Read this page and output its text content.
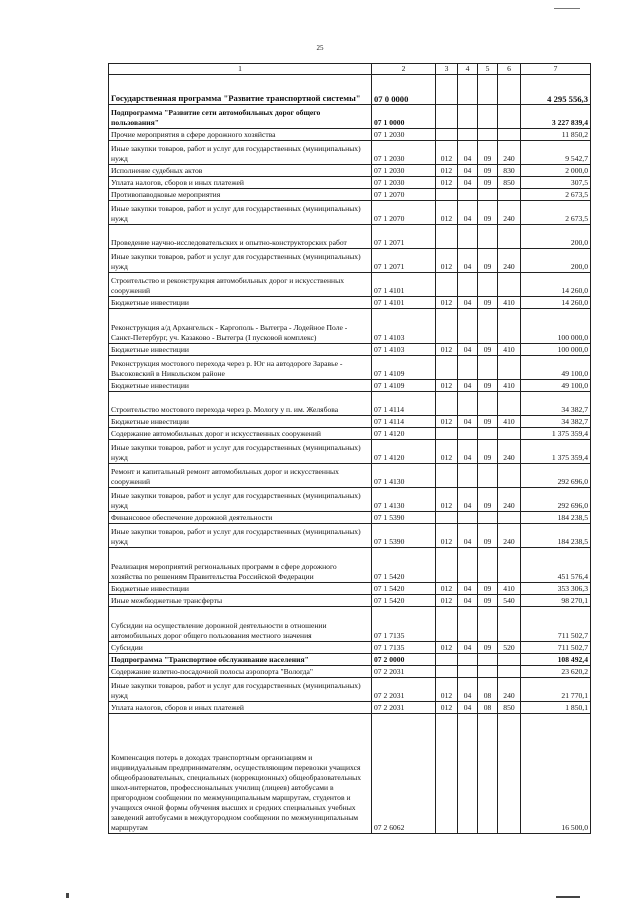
25
1	2	3	4	5	6	7
Государственная программа "Развитие транспортной системы"	07 0 0000					4 295 556,3
Подпрограмма "Развитие сети автомобильных дорог общего пользования"	07 1 0000					3 227 839,4
Прочие мероприятия в сфере дорожного хозяйства	07 1 2030					11 850,2
Иные закупки товаров, работ и услуг для государственных (муниципальных) нужд	07 1 2030	012	04	09	240	9 542,7
Исполнение судебных актов	07 1 2030	012	04	09	830	2 000,0
Уплата налогов, сборов и иных платежей	07 1 2030	012	04	09	850	307,5
Противопаводковые мероприятия	07 1 2070					2 673,5
Иные закупки товаров, работ и услуг для государственных (муниципальных) нужд	07 1 2070	012	04	09	240	2 673,5
Проведение научно-исследовательских и опытно-конструкторских работ	07 1 2071					200,0
Иные закупки товаров, работ и услуг для государственных (муниципальных) нужд	07 1 2071	012	04	09	240	200,0
Строительство и реконструкция автомобильных дорог и искусственных сооружений	07 1 4101					14 260,0
Бюджетные инвестиции	07 1 4101	012	04	09	410	14 260,0
Реконструкция а/д Архангельск - Каргополь - Вытегра - Лодейное Поле - Санкт-Петербург, уч. Казаково - Вытегра (I пусковой комплекс)	07 1 4103					100 000,0
Бюджетные инвестиции	07 1 4103	012	04	09	410	100 000,0
Реконструкция мостового перехода через р. Юг на автодороге Заравье - Высоковский в Никольском районе	07 1 4109					49 100,0
Бюджетные инвестиции	07 1 4109	012	04	09	410	49 100,0
Строительство мостового перехода через р. Мологу у п. им. Желябова	07 1 4114					34 382,7
Бюджетные инвестиции	07 1 4114	012	04	09	410	34 382,7
Содержание автомобильных дорог и искусственных сооружений	07 1 4120					1 375 359,4
Иные закупки товаров, работ и услуг для государственных (муниципальных) нужд	07 1 4120	012	04	09	240	1 375 359,4
Ремонт и капитальный ремонт автомобильных дорог и искусственных сооружений	07 1 4130					292 696,0
Иные закупки товаров, работ и услуг для государственных (муниципальных) нужд	07 1 4130	012	04	09	240	292 696,0
Финансовое обеспечение дорожной деятельности	07 1 5390					184 238,5
Иные закупки товаров, работ и услуг для государственных (муниципальных) нужд	07 1 5390	012	04	09	240	184 238,5
Реализация мероприятий региональных программ в сфере дорожного хозяйства по решениям Правительства Российской Федерации	07 1 5420					451 576,4
Бюджетные инвестиции	07 1 5420	012	04	09	410	353 306,3
Иные межбюджетные трансферты	07 1 5420	012	04	09	540	98 270,1
Субсидии на осуществление дорожной деятельности в отношении автомобильных дорог общего пользования местного значения	07 1 7135					711 502,7
Субсидии	07 1 7135	012	04	09	520	711 502,7
Подпрограмма "Транспортное обслуживание населения"	07 2 0000					108 492,4
Содержание взлетно-посадочной полосы аэропорта "Вологда"	07 2 2031					23 620,2
Иные закупки товаров, работ и услуг для государственных (муниципальных) нужд	07 2 2031	012	04	08	240	21 770,1
Уплата налогов, сборов и иных платежей	07 2 2031	012	04	08	850	1 850,1
Компенсация потерь в доходах транспортным организациям и индивидуальным предпринимателям, осуществляющим перевозки учащихся общеобразовательных, специальных (коррекционных) общеобразовательных школ-интернатов, профессиональных училищ (лицеев) автобусами в пригородном сообщении по межмуниципальным маршрутам, студентов и учащихся очной формы обучения высших и средних специальных учебных заведений автобусами в междугородном сообщении по межмуниципальным маршрутам	07 2 6062					16 500,0
